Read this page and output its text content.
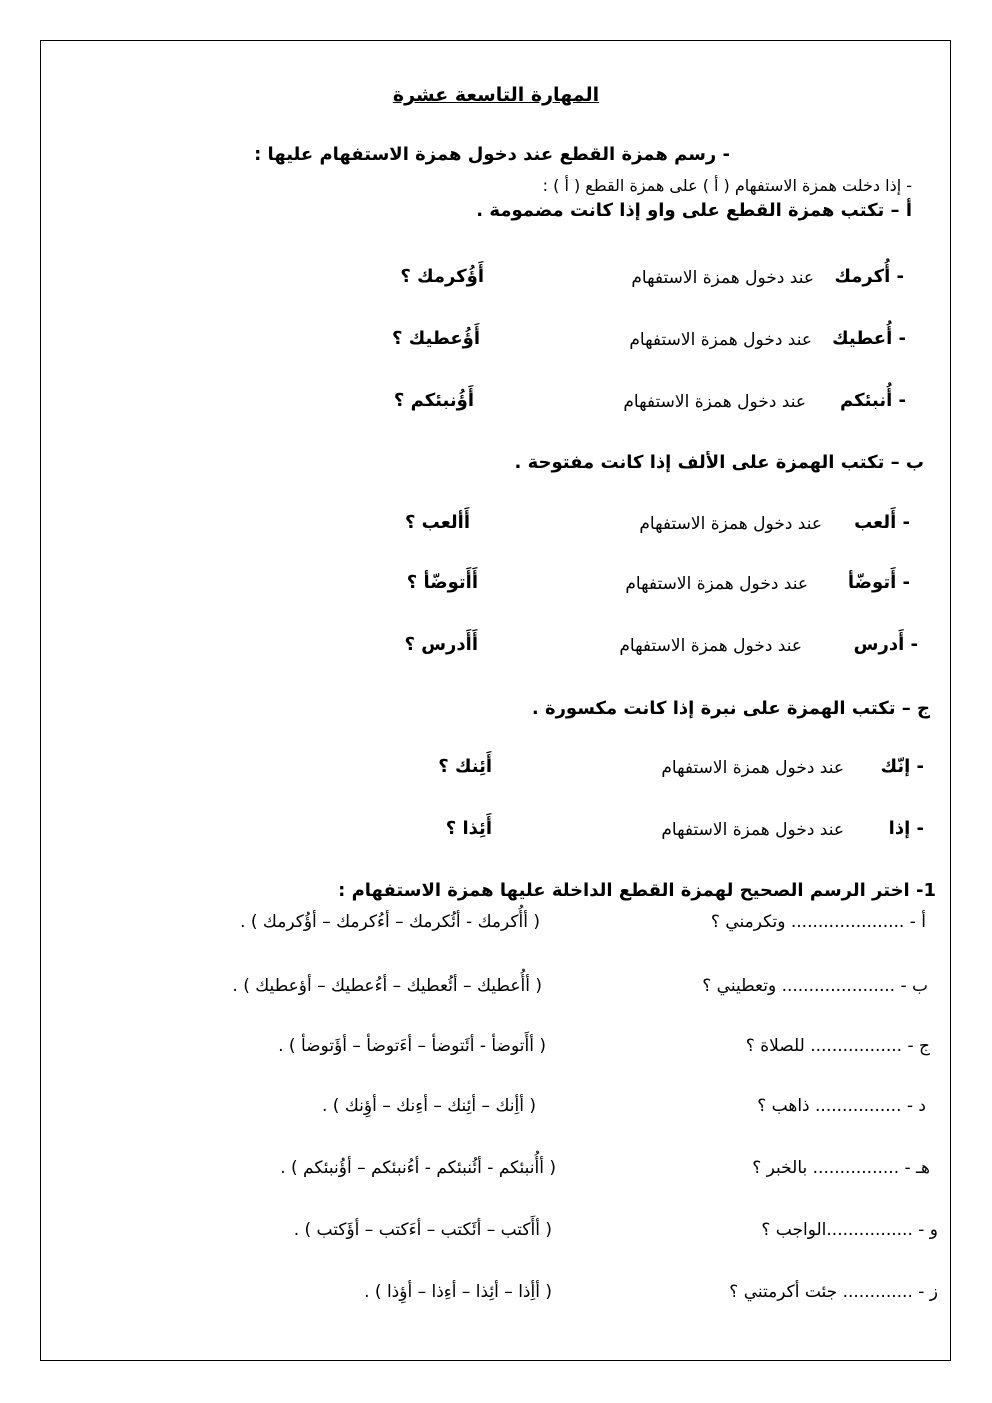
المهارة التاسعة عشرة
- رسم همزة القطع عند دخول همزة الاستفهام عليها :
- إذا دخلت همزة الاستفهام ( أ ) على همزة القطع ( أ ) :
أ – تكتب همزة القطع على واو إذا كانت مضمومة .
- أُكرمك
عند دخول همزة الاستفهام
أَؤُكرمك ؟
- أُعطيك
عند دخول همزة الاستفهام
أَؤُعطيك ؟
- أُنبئكم
عند دخول همزة الاستفهام
أَؤُنبئكم ؟
ب – تكتب الهمزة على الألف إذا كانت مفتوحة .
- أَلعب
عند دخول همزة الاستفهام
أَألعب ؟
- أَتوضّأ
عند دخول همزة الاستفهام
أَأَتوضّأ ؟
- أَدرس
عند دخول همزة الاستفهام
أَأَدرس ؟
ج – تكتب الهمزة على نبرة إذا كانت مكسورة .
- إنّك
عند دخول همزة الاستفهام
أَئِنك ؟
- إذا
عند دخول همزة الاستفهام
أَئِذا ؟
1- اختر الرسم الصحيح لهمزة القطع الداخلة عليها همزة الاستفهام :
أ - ..................... وتكرمني ؟
( أأُكرمك - أئُكرمك – أءُكرمك – أؤُكرمك ) .
ب - ..................... وتعطيني ؟
( أأُعطيك – أئُعطيك – أءُعطيك – أؤعطيك ) .
ج - ................. للصلاة ؟
( أأَتوضأ - أئَتوضأ – أءَتوضأ – أؤَتوضأ ) .
د - ................ ذاهب ؟
( أأِنك – أئِنك – أءِنك – أؤِنك ) .
هـ - ................ بالخبر ؟
( أأُنبئكم - أئُنبئكم - أءُنبئكم – أؤُنبئكم ) .
و - ................الواجب ؟
( أأَكتب – أئَكتب – أءَكتب – أؤَكتب ) .
ز - ............. جئت أكرمتني ؟
( أأِذا – أئِذا – أءِذا – أؤِذا ) .
